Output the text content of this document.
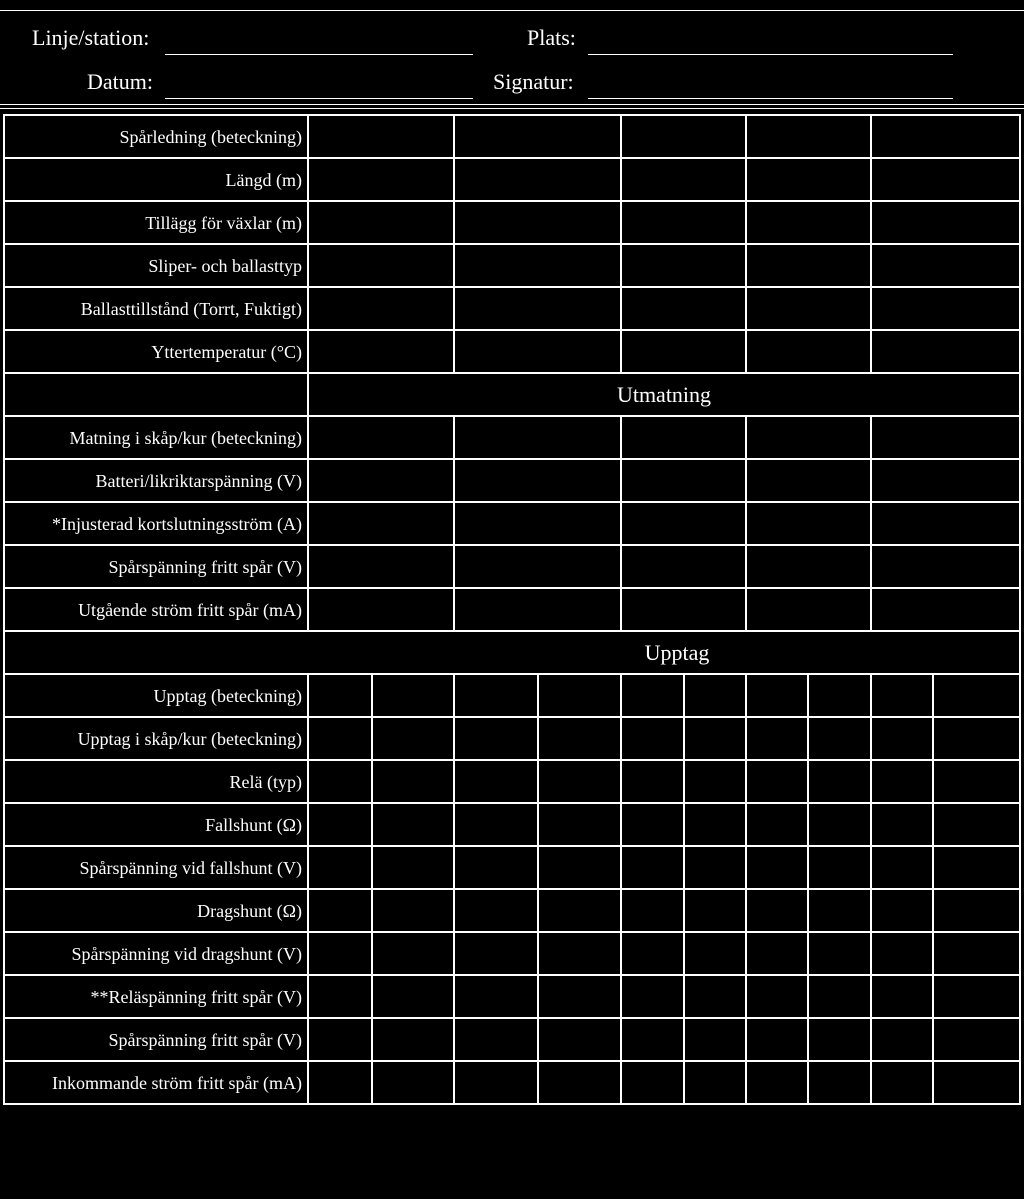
Linje/station:	Plats:
Datum:	Signatur:
Spårledning (beteckning)										
Längd (m)										
Tillägg för växlar (m)										
Sliper- och ballasttyp										
Ballasttillstånd (Torrt, Fuktigt)										
Yttertemperatur (°C)										
	Utmatning									
Matning i skåp/kur (beteckning)										
Batteri/likriktarspänning (V)										
*Injusterad kortslutningsström (A)										
Spårspänning fritt spår (V)										
Utgående ström fritt spår (mA)										
Upptag										
Upptag (beteckning)										
Upptag i skåp/kur (beteckning)										
Relä (typ)										
Fallshunt (Ω)										
Spårspänning vid fallshunt (V)										
Dragshunt (Ω)										
Spårspänning vid dragshunt (V)										
**Reläspänning fritt spår (V)										
Spårspänning fritt spår (V)										
Inkommande ström fritt spår (mA)										
